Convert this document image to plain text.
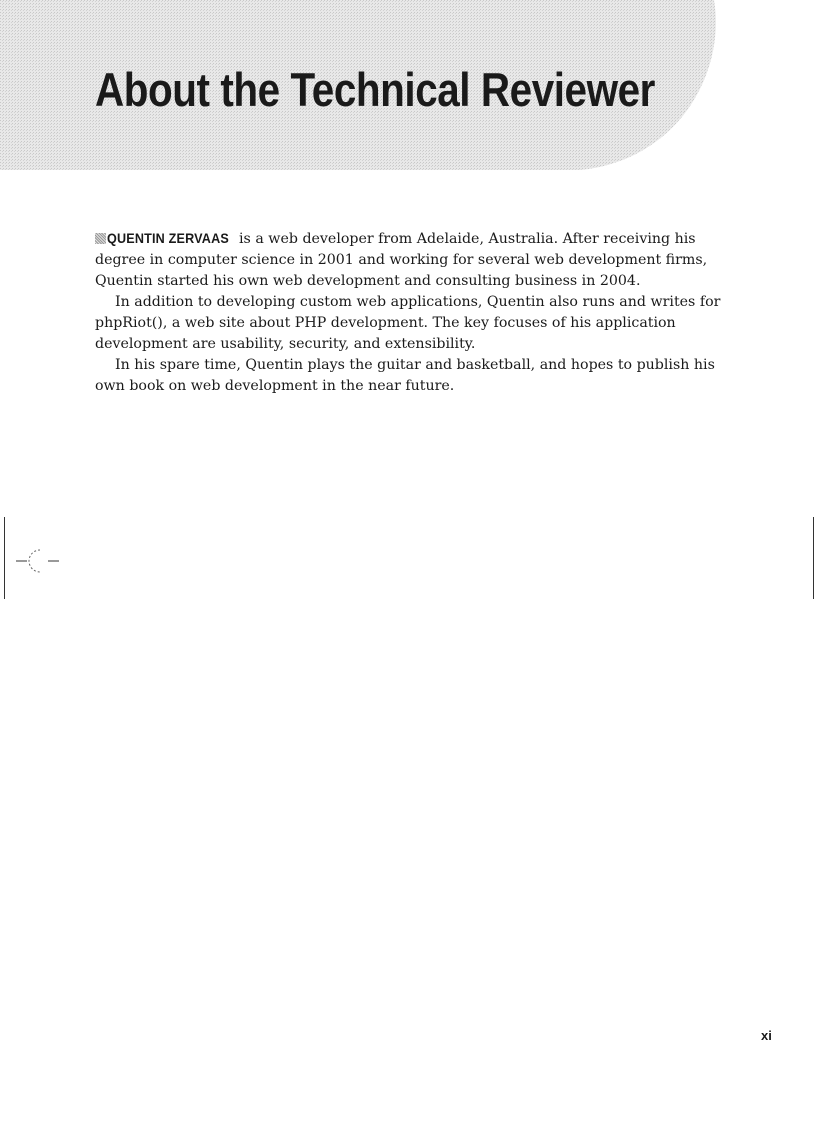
About the Technical Reviewer

QUENTIN ZERVAAS is a web developer from Adelaide, Australia. After receiving his degree in computer science in 2001 and working for several web development firms, Quentin started his own web development and consulting business in 2004.

In addition to developing custom web applications, Quentin also runs and writes for phpRiot(), a web site about PHP development. The key focuses of his application development are usability, security, and extensibility.

In his spare time, Quentin plays the guitar and basketball, and hopes to publish his own book on web development in the near future.

xi
